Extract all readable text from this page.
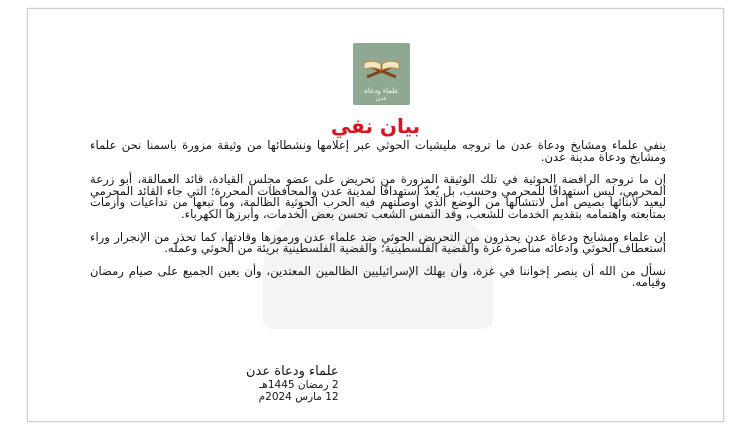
علماء ودعاة
عدن
بيان نفي

ينفي علماء ومشايخ ودعاة عدن ما تروجه مليشيات الحوثي عبر إعلامها ونشطائها من وثيقة مزورة باسمنا نحن علماء ومشايخ ودعاة مدينة عدن.

إن ما تروجه الرافضة الحوثية في تلك الوثيقة المزورة من تحريض على عضو مجلس القيادة، قائد العمالقة، أبو زرعة المحرمي، ليس استهدافًا للمحرمي وحسب، بل يُعدّ استهدافًا لمدينة عدن والمحافظات المحررة؛ التي جاء القائد المحرمي ليعيد لأبنائها بصيص أمل لانتشالها من الوضع الذي أوصلتهم فيه الحرب الحوثية الظالمة، وما تبعها من تداعيات وأزمات بمتابعته واهتمامه بتقديم الخدمات للشعب، وقد التمس الشعب تحسن بعض الخدمات، وأبرزها الكهرباء.

إن علماء ومشايخ ودعاة عدن يحذرون من التحريض الحوثي ضد علماء عدن ورموزها وقادتها، كما تحذر من الإنجرار وراء استعطاف الحوثي وادعائه مناصرة غزة والقضية الفلسطينية؛ والقضية الفلسطينية بريئة من الحوثي وعمله.

نسأل من الله أن ينصر إخواننا في غزة، وأن يهلك الإسرائيليين الظالمين المعتدين، وأن يعين الجميع على صيام رمضان وقيامه.

علماء ودعاة عدن
2 رمضان 1445هـ
12 مارس 2024م
